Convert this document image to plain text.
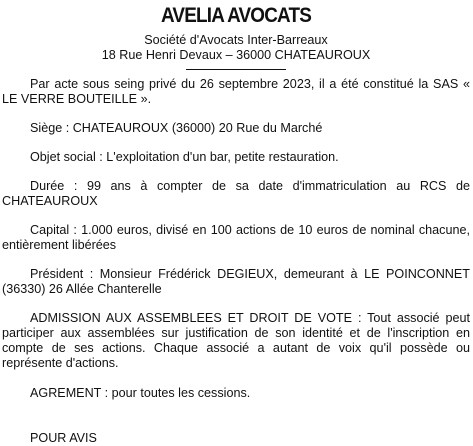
AVELIA AVOCATS

Société d'Avocats Inter-Barreaux

18 Rue Henri Devaux – 36000 CHATEAUROUX

Par acte sous seing privé du 26 septembre 2023, il a été constitué la SAS « LE VERRE BOUTEILLE ».

Siège : CHATEAUROUX (36000) 20 Rue du Marché

Objet social : L'exploitation d'un bar, petite restauration.

Durée : 99 ans à compter de sa date d'immatriculation au RCS de CHATEAUROUX

Capital : 1.000 euros, divisé en 100 actions de 10 euros de nominal chacune, entièrement libérées

Président : Monsieur Frédérick DEGIEUX, demeurant à LE POINCONNET (36330) 26 Allée Chanterelle

ADMISSION AUX ASSEMBLEES ET DROIT DE VOTE : Tout associé peut participer aux assemblées sur justification de son identité et de l'inscription en compte de ses actions. Chaque associé a autant de voix qu'il possède ou représente d'actions.

AGREMENT : pour toutes les cessions.

POUR AVIS
